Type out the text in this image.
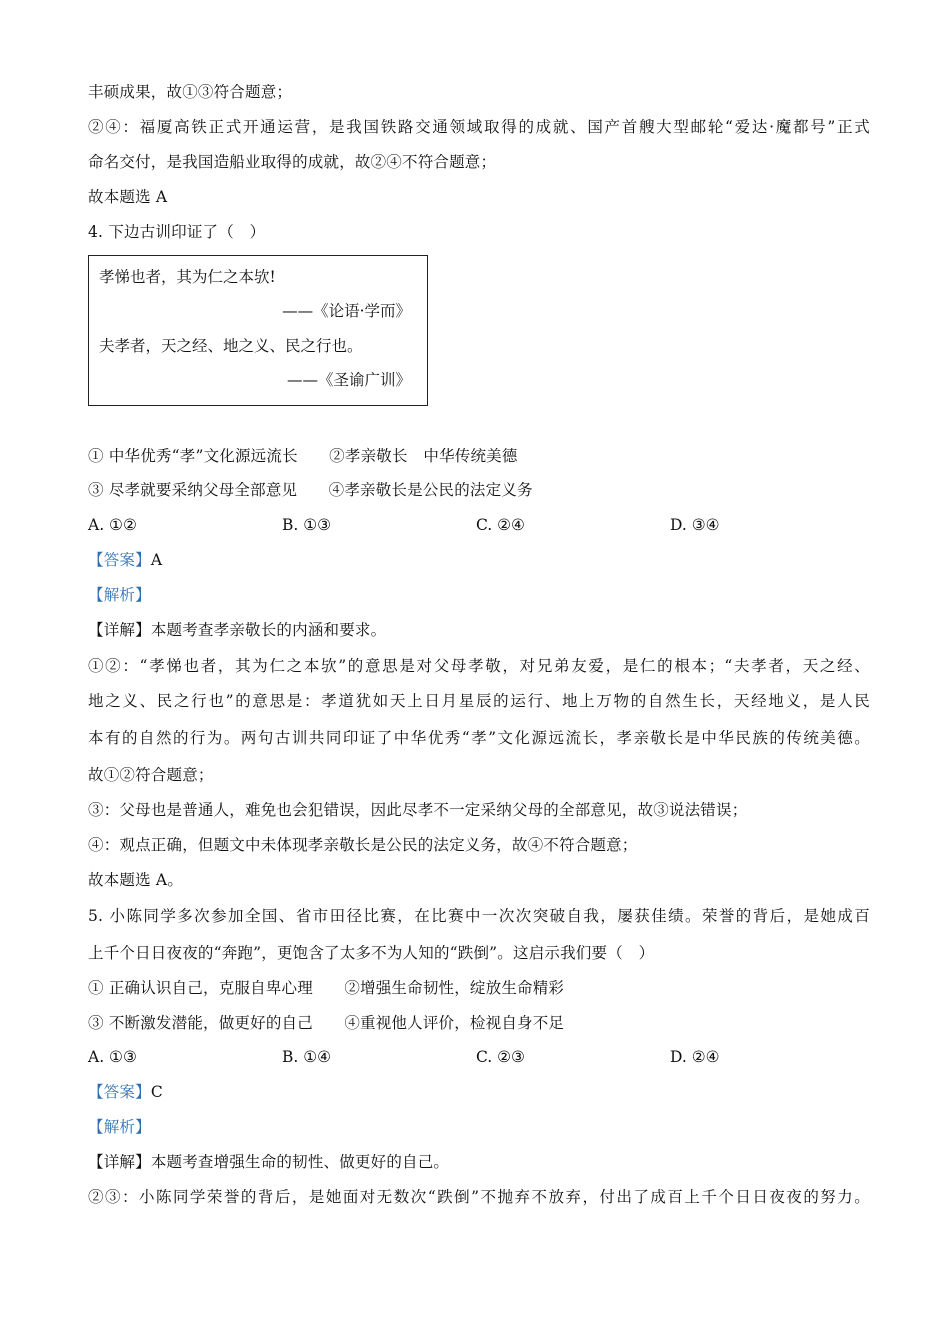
丰硕成果，故①③符合题意；
②④：福厦高铁正式开通运营，是我国铁路交通领域取得的成就、国产首艘大型邮轮“爱达·魔都号”正式
命名交付，是我国造船业取得的成就，故②④不符合题意；
故本题选 A
4. 下边古训印证了（　）
孝悌也者，其为仁之本欤!
——《论语·学而》
夫孝者，天之经、地之义、民之行也。
——《圣谕广训》
① 中华优秀“孝”文化源远流长　　②孝亲敬长　中华传统美德
③ 尽孝就要采纳父母全部意见　　④孝亲敬长是公民的法定义务
A. ①②	B. ①③	C. ②④	D. ③④
【答案】A
【解析】
【详解】本题考查孝亲敬长的内涵和要求。
①②：“孝悌也者，其为仁之本欤”的意思是对父母孝敬，对兄弟友爱，是仁的根本；“夫孝者，天之经、
地之义、民之行也”的意思是：孝道犹如天上日月星辰的运行、地上万物的自然生长，天经地义，是人民
本有的自然的行为。两句古训共同印证了中华优秀“孝”文化源远流长，孝亲敬长是中华民族的传统美德。
故①②符合题意；
③：父母也是普通人，难免也会犯错误，因此尽孝不一定采纳父母的全部意见，故③说法错误；
④：观点正确，但题文中未体现孝亲敬长是公民的法定义务，故④不符合题意；
故本题选 A。
5. 小陈同学多次参加全国、省市田径比赛，在比赛中一次次突破自我，屡获佳绩。荣誉的背后，是她成百
上千个日日夜夜的“奔跑”，更饱含了太多不为人知的“跌倒”。这启示我们要（　）
① 正确认识自己，克服自卑心理　　②增强生命韧性，绽放生命精彩
③ 不断激发潜能，做更好的自己　　④重视他人评价，检视自身不足
A. ①③	B. ①④	C. ②③	D. ②④
【答案】C
【解析】
【详解】本题考查增强生命的韧性、做更好的自己。
②③：小陈同学荣誉的背后，是她面对无数次“跌倒”不抛弃不放弃，付出了成百上千个日日夜夜的努力。
